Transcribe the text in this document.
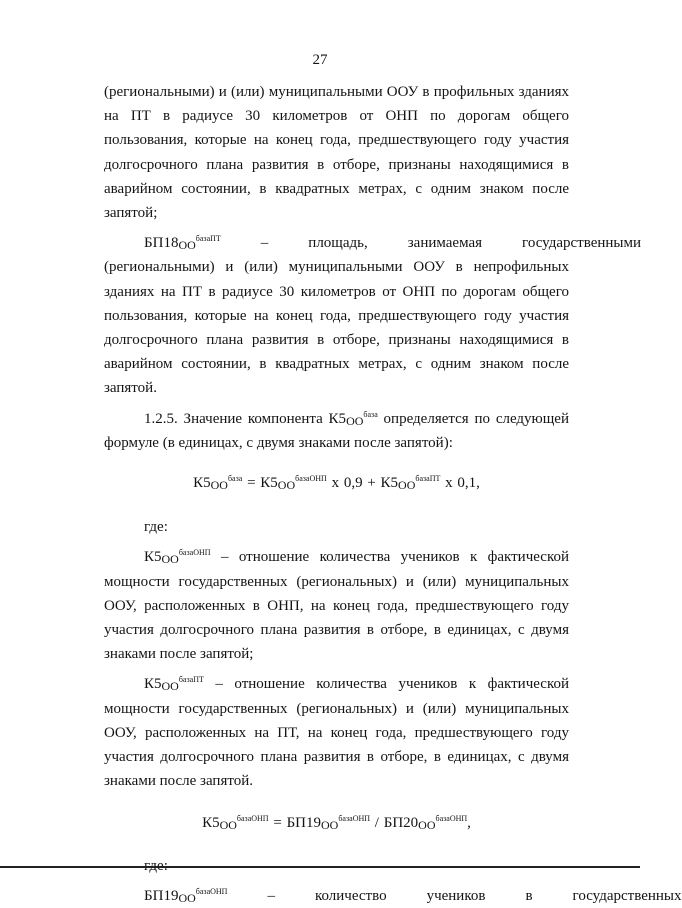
27

(региональными) и (или) муниципальными ООУ в профильных зданиях на ПТ в радиусе 30 километров от ОНП по дорогам общего пользования, которые на конец года, предшествующего году участия долгосрочного плана развития в отборе, признаны находящимися в аварийном состоянии, в квадратных метрах, с одним знаком после запятой;

$БП18_{ОО}^{базаПТ}$	–	площадь,	занимаемая	государственными

(региональными) и (или) муниципальными ООУ в непрофильных зданиях на ПТ в радиусе 30 километров от ОНП по дорогам общего пользования, которые на конец года, предшествующего году участия долгосрочного плана развития в отборе, признаны находящимися в аварийном состоянии, в квадратных метрах, с одним знаком после запятой.

1.2.5. Значение компонента $К5_{ОО}^{база}$ определяется по следующей формуле (в единицах, с двумя знаками после запятой):

$К5_{ОО}^{база} = К5_{ОО}^{базаОНП}$ х $0,9 + К5_{ОО}^{базаПТ}$ х 0,1,

где:

$К5_{ОО}^{базаОНП}$ – отношение количества учеников к фактической мощности государственных (региональных) и (или) муниципальных ООУ, расположенных в ОНП, на конец года, предшествующего году участия долгосрочного плана развития в отборе, в единицах, с двумя знаками после запятой;

$К5_{ОО}^{базаПТ}$ – отношение количества учеников к фактической мощности государственных (региональных) и (или) муниципальных ООУ, расположенных на ПТ, на конец года, предшествующего году участия долгосрочного плана развития в отборе, в единицах, с двумя знаками после запятой.

$К5_{ОО}^{базаОНП} = БП19_{ОО}^{базаОНП} / БП20_{ОО}^{базаОНП}$,

$БП19_{ОО}^{базаОНП}$	–	количество	учеников	в	государственных
